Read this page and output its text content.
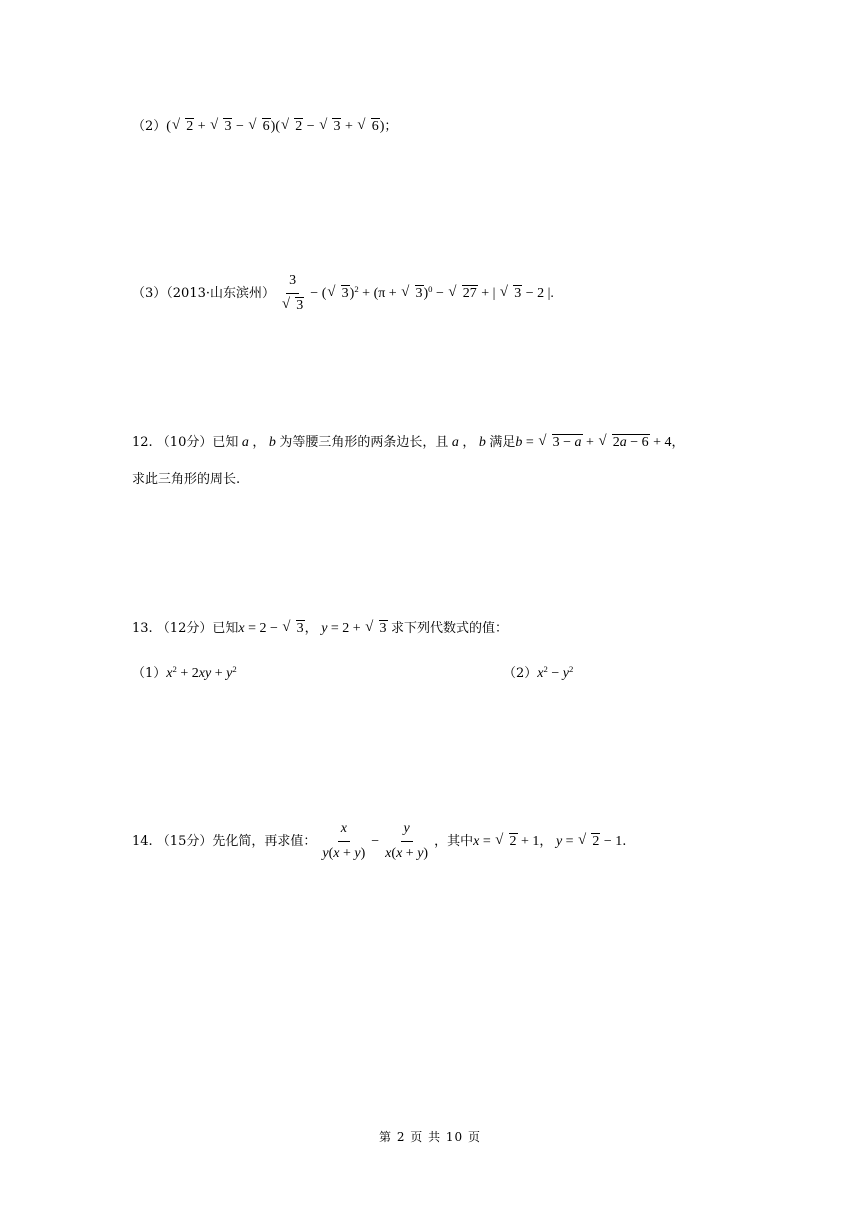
（2）( √ 2 + √ 3 − √ 6)( √ 2 − √ 3 + √ 6)；
（3）（2013·山东滨州） 3
√ 3 − ( √ 3)$^2$ + (π + √ 3)$^0$ − √ 27 + | √ 3 − 2 |.
12. （10分）已知 a ， b 为等腰三角形的两条边长，且 a ， b 满足b = √ 3 − a + √ 2a − 6 + 4，
求此三角形的周长.
13. （12分）已知x = 2 − √ 3， y = 2 + √ 3 求下列代数式的值：
$(1)x^2 + 2xy + y^2$	$(2)x^2 - y^2$
14. （15分）先化简，再求值： $\frac{x}{y(x + y)} - \frac{y}{x(x + y)}$ ，其中x = √ 2 + 1， y = √ 2 − 1.
第 2 页 共 10 页
